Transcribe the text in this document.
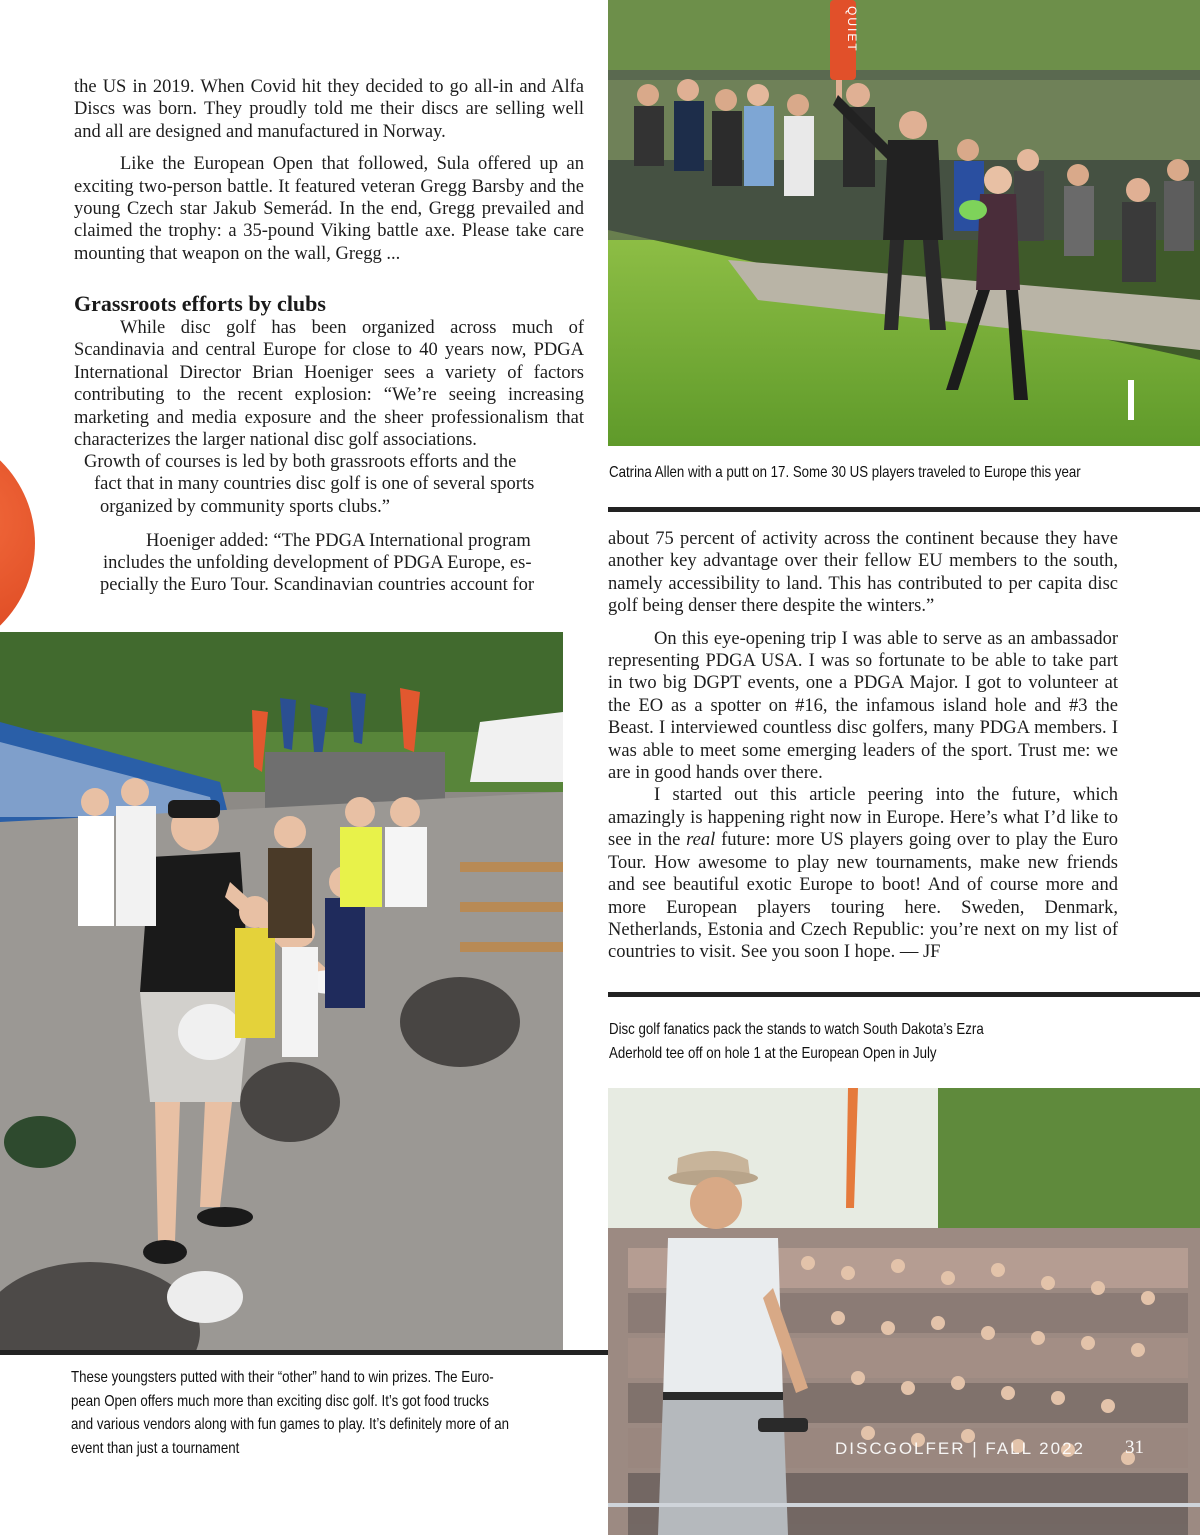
the US in 2019. When Covid hit they decided to go all-in and Alfa Discs was born. They proudly told me their discs are selling well and all are designed and manufactured in Norway.

Like the European Open that followed, Sula offered up an exciting two-person battle. It featured veteran Gregg Barsby and the young Czech star Jakub Semerád. In the end, Gregg prevailed and claimed the trophy: a 35-pound Viking battle axe. Please take care mounting that weapon on the wall, Gregg ...

Grassroots efforts by clubs

While disc golf has been organized across much of Scandinavia and central Europe for close to 40 years now, PDGA International Director Brian Hoeniger sees a variety of factors contributing to the recent explosion: “We’re seeing increasing marketing and media exposure and the sheer professionalism that characterizes the larger national disc golf associations.

Growth of courses is led by both grassroots efforts and the

fact that in many countries disc golf is one of several sports

organized by community sports clubs.”

Hoeniger added: “The PDGA International program

includes the unfolding development of PDGA Europe, es-

pecially the Euro Tour. Scandinavian countries account for

about 75 percent of activity across the continent because they have another key advantage over their fellow EU members to the south, namely accessibility to land. This has contributed to per capita disc golf being denser there despite the winters.”

On this eye-opening trip I was able to serve as an ambassador representing PDGA USA. I was so fortunate to be able to take part in two big DGPT events, one a PDGA Major. I got to volunteer at the EO as a spotter on #16, the infamous island hole and #3 the Beast. I interviewed countless disc golfers, many PDGA members. I was able to meet some emerging leaders of the sport. Trust me: we are in good hands over there.

I started out this article peering into the future, which amazingly is happening right now in Europe. Here’s what I’d like to see in the real future: more US players going over to play the Euro Tour. How awesome to play new tournaments, make new friends and see beautiful exotic Europe to boot! And of course more and more European players touring here. Sweden, Denmark, Netherlands, Estonia and Czech Republic: you’re next on my list of countries to visit. See you soon I hope. — JF

QUIET
Catrina Allen with a putt on 17. Some 30 US players traveled to Europe this year
These youngsters putted with their “other” hand to win prizes. The Euro-
pean Open offers much more than exciting disc golf. It’s got food trucks
and various vendors along with fun games to play. It’s definitely more of an
event than just a tournament
Disc golf fanatics pack the stands to watch South Dakota’s Ezra
Aderhold tee off on hole 1 at the European Open in July
DISCGOLFER | FALL 2022 31
